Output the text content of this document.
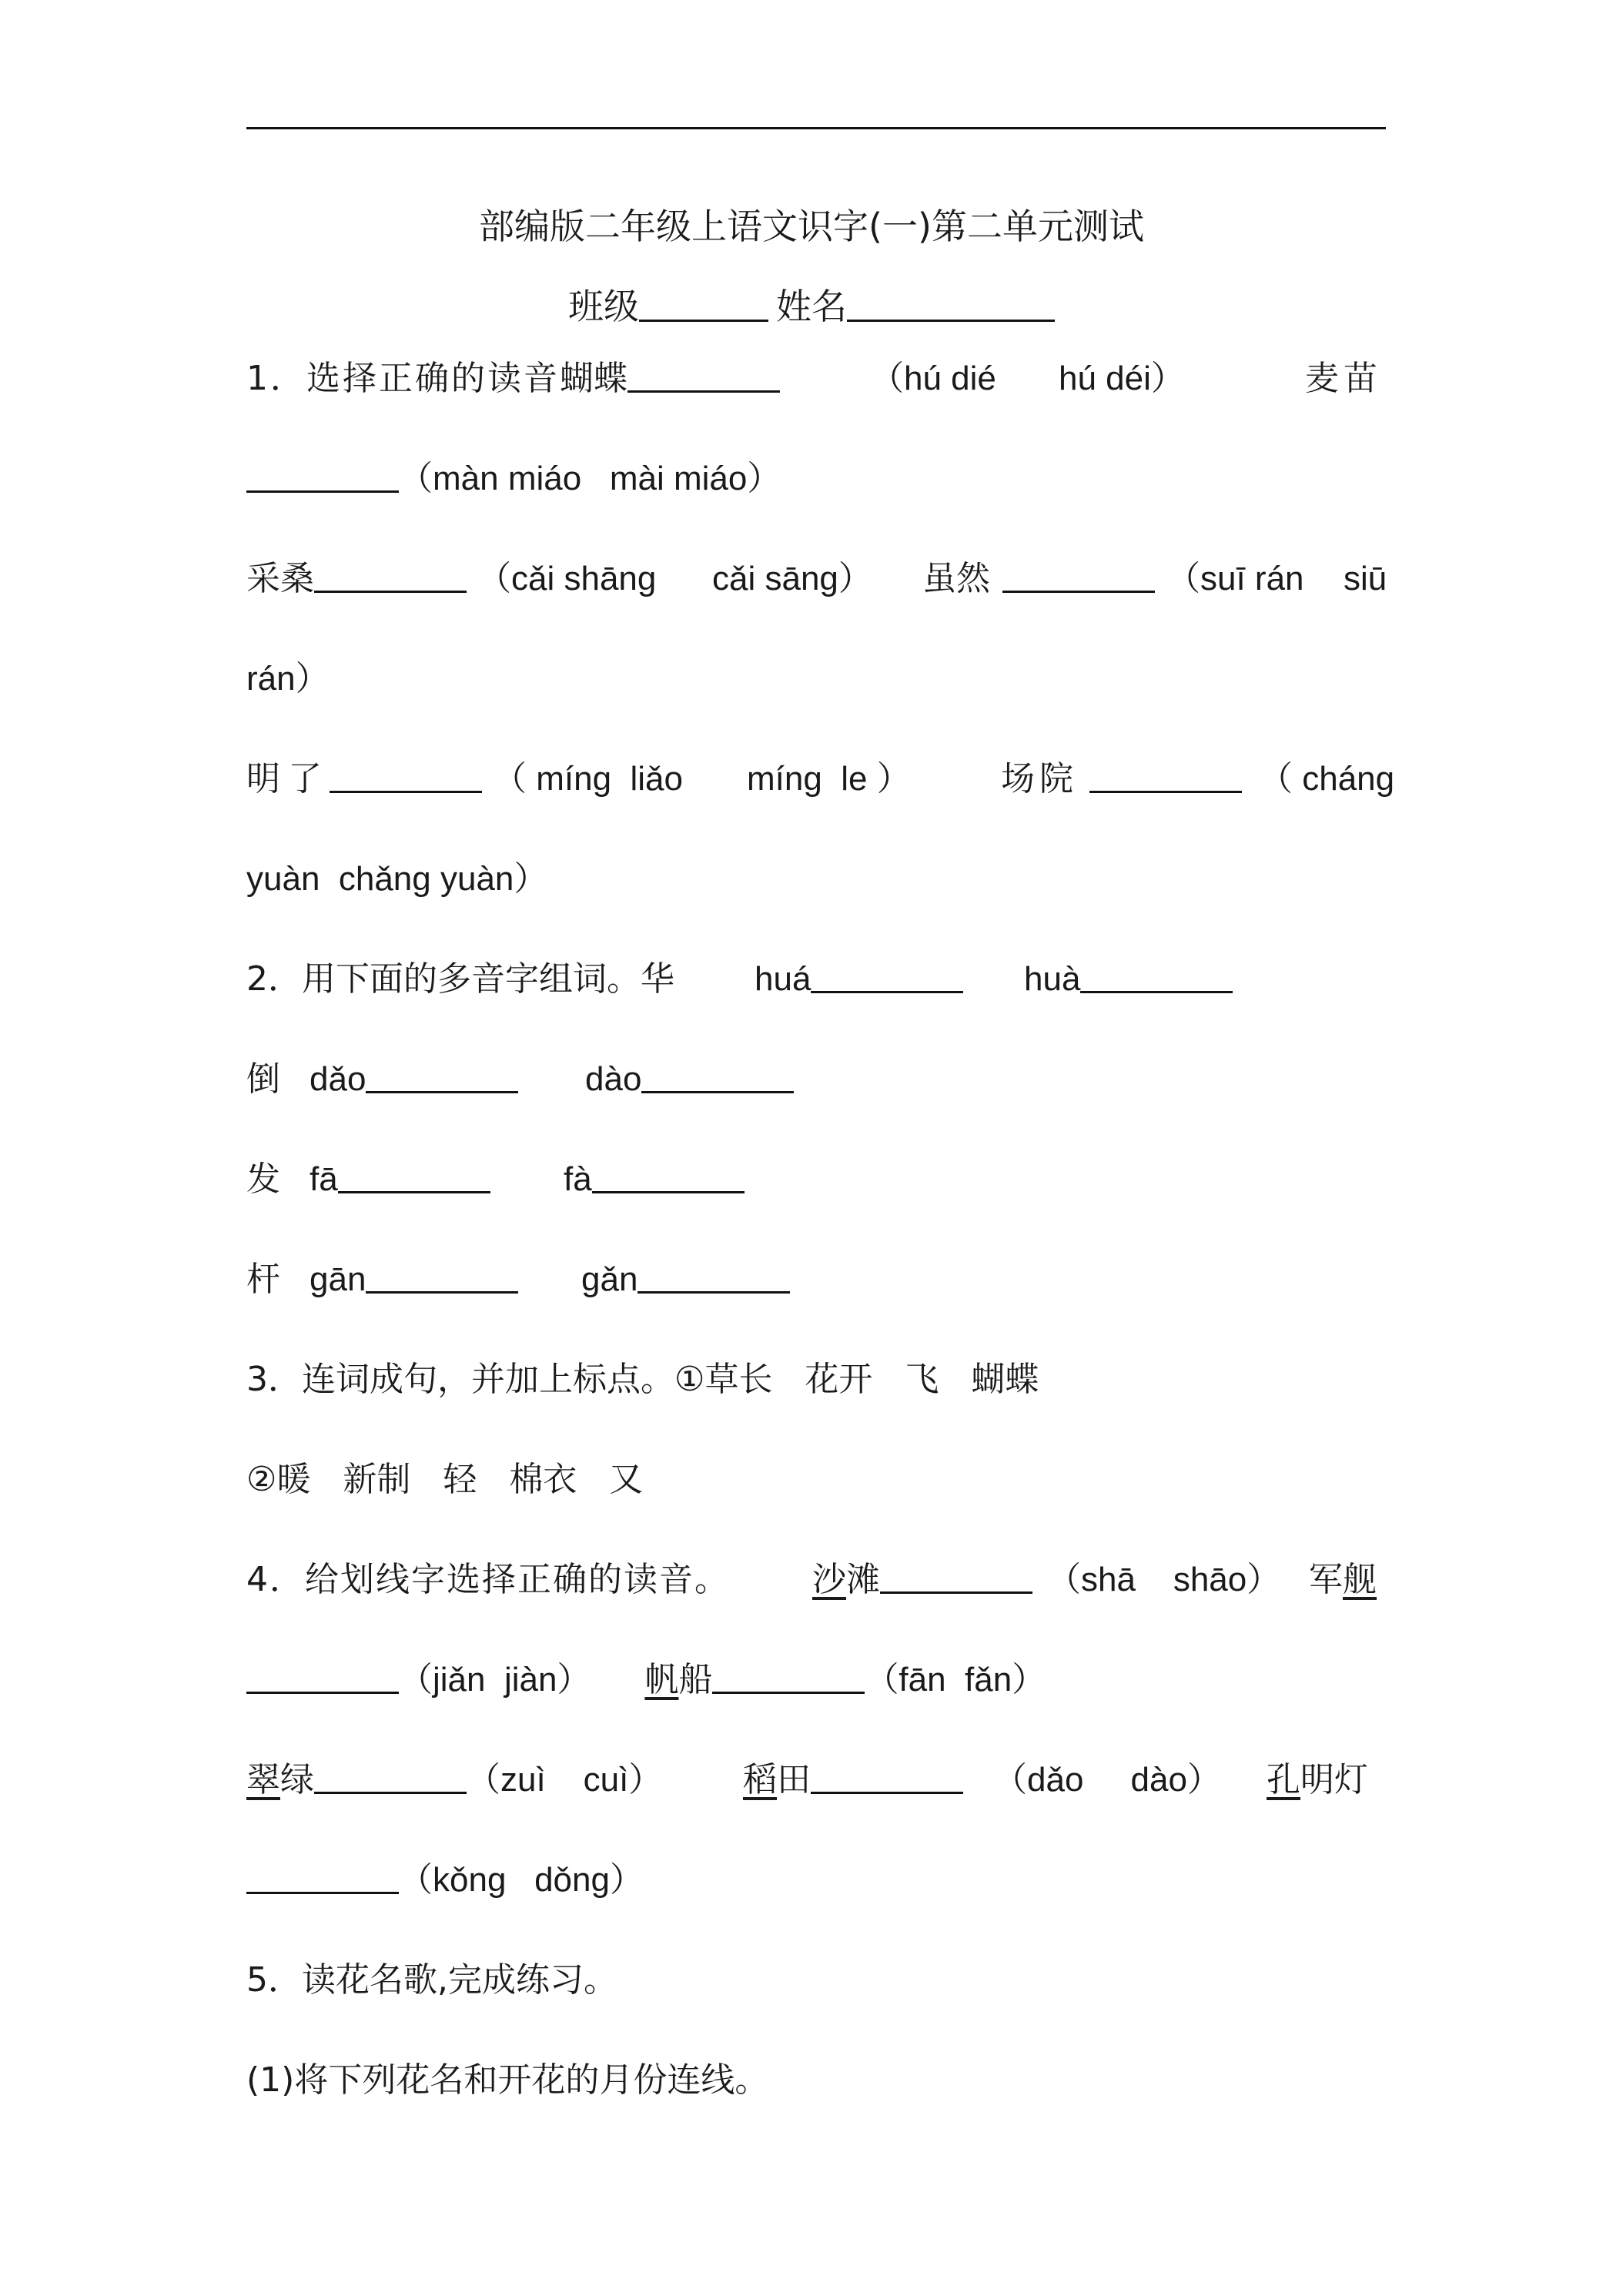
部编版二年级上语文识字(一)第二单元测试
班级	姓名
1．选择正确的读音蝴蝶	（hú dié hú déi）	麦苗
（màn miáo   mài miáo）
采桑	（cǎi shāng cǎi sāng） 虽然	（suī rán siū
rán）
明了	（ míng  liǎo míng  le ）	场院	（ cháng
yuàn  chǎng yuàn）
2．用下面的多音字组词。华 huá	huà
倒 dǎo	dào
发 fā	fà
杆 gān	gǎn
3．连词成句，并加上标点。①草长   花开   飞   蝴蝶
②暖   新制   轻   棉衣   又
4．给划线字选择正确的读音。 沙滩	（shā    shāo） 军舰
（jiǎn  jiàn） 帆船	（fān  fǎn）
翠绿	（zuì    cuì） 稻田	（dǎo     dào） 孔明灯
（kǒng   dǒng）
5．读花名歌,完成练习。
(1)将下列花名和开花的月份连线。
